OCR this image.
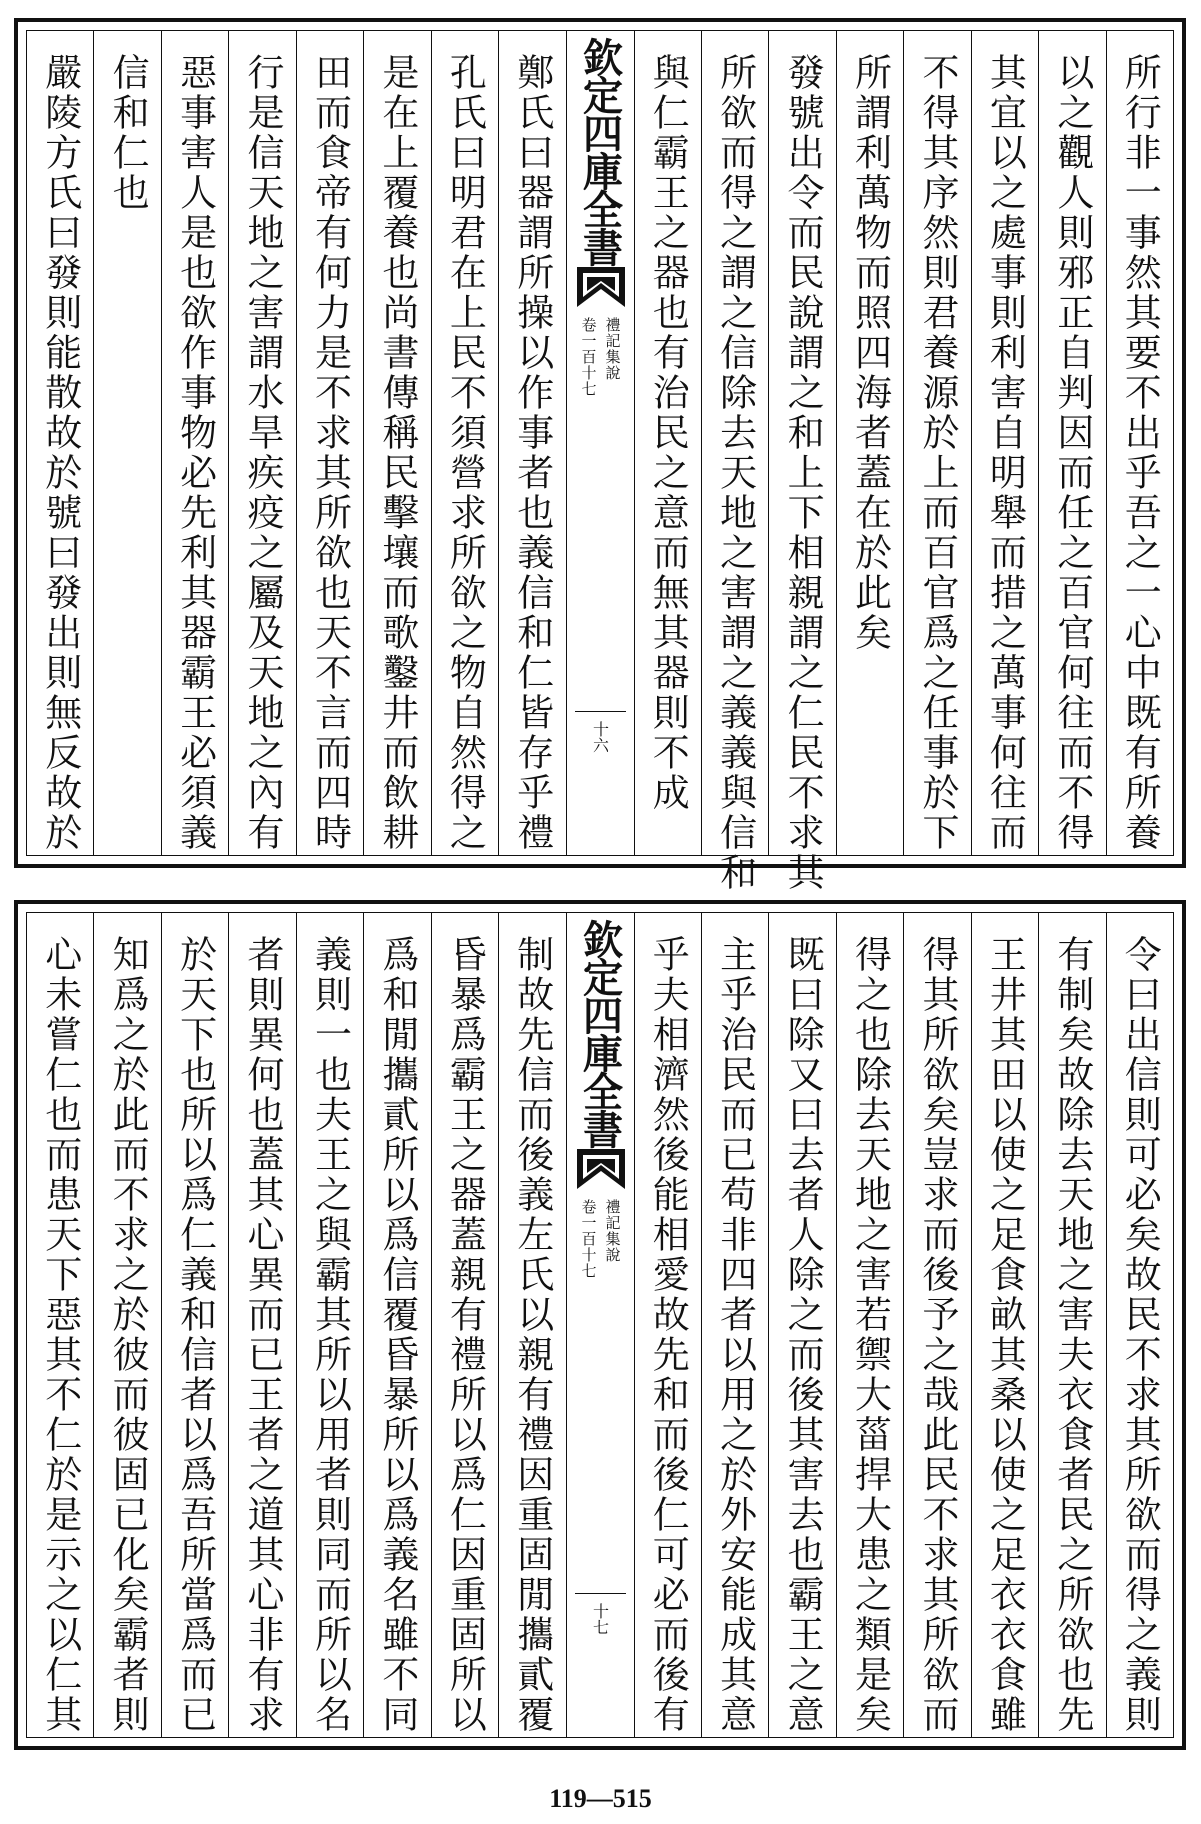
所行非一事然其要不出乎吾之一心中既有所養
以之觀人則邪正自判因而任之百官何往而不得
其宜以之處事則利害自明舉而措之萬事何往而
不得其序然則君養源於上而百官爲之任事於下
所謂利萬物而照四海者蓋在於此矣
發號出令而民說謂之和上下相親謂之仁民不求其
所欲而得之謂之信除去天地之害謂之義義與信和
與仁霸王之器也有治民之意而無其器則不成
欽定四庫全書
禮記集說
卷一百十七
十六
鄭氏曰器謂所操以作事者也義信和仁皆存乎禮
孔氏曰明君在上民不須營求所欲之物自然得之
是在上覆養也尚書傳稱民擊壤而歌鑿井而飲耕
田而食帝有何力是不求其所欲也天不言而四時
行是信天地之害謂水旱疾疫之屬及天地之內有
惡事害人是也欲作事物必先利其器霸王必須義
信和仁也
嚴陵方氏曰發則能散故於號曰發出則無反故於
令曰出信則可必矣故民不求其所欲而得之義則
有制矣故除去天地之害夫衣食者民之所欲也先
王井其田以使之足食畝其桑以使之足衣衣食雖
得其所欲矣豈求而後予之哉此民不求其所欲而
得之也除去天地之害若禦大菑捍大患之類是矣
既曰除又曰去者人除之而後其害去也霸王之意
主乎治民而已苟非四者以用之於外安能成其意
乎夫相濟然後能相愛故先和而後仁可必而後有
欽定四庫全書
禮記集說
卷一百十七
十七
制故先信而後義左氏以親有禮因重固閒攜貳覆
昏暴爲霸王之器蓋親有禮所以爲仁因重固所以
爲和閒攜貳所以爲信覆昏暴所以爲義名雖不同
義則一也夫王之與霸其所以用者則同而所以名
者則異何也蓋其心異而已王者之道其心非有求
於天下也所以爲仁義和信者以爲吾所當爲而已
知爲之於此而不求之於彼而彼固已化矣霸者則
心未嘗仁也而患天下惡其不仁於是示之以仁其
119—515
